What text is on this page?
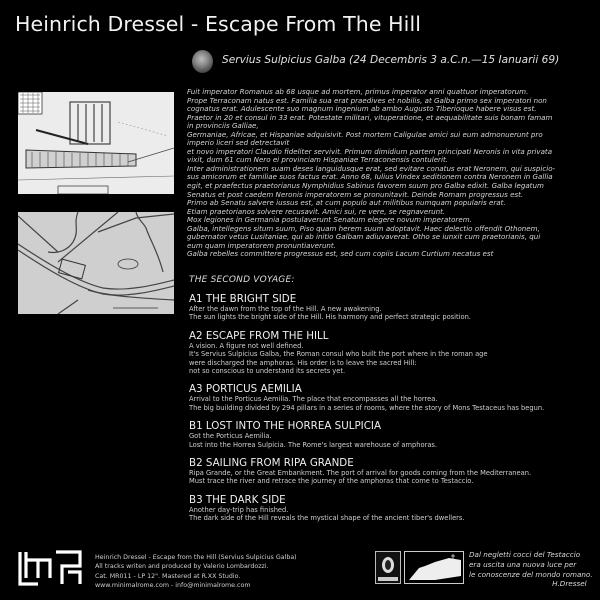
Heinrich Dressel - Escape From The Hill
Servius Sulpicius Galba (24 Decembris 3 a.C.n.—15 Ianuarii 69)
Fuit imperator Romanus ab 68 usque ad mortem, primus imperator anni quattuor imperatorum.
Prope Terraconam natus est. Familia sua erat praedives et nobilis, at Galba primo sex imperatori non
cognatus erat. Adulescente suo magnum ingenium ab ambo Augusto Tiberioque habere visus est.
Praetor in 20 et consul in 33 erat. Potestate militari, vituperatione, et aequabilitate suis bonam famam
in provinciis Galliae,
Germaniae, Africae, et Hispaniae adquisivit. Post mortem Caligulae amici sui eum admonuerunt pro
imperio liceri sed detrectavit
et novo imperatori Claudio fideliter servivit. Primum dimidium partem principati Neronis in vita privata
vixit, dum 61 cum Nero ei provinciam Hispaniae Terraconensis contulerit.
Inter administrationem suam deses languidusque erat, sed evitare conatus erat Neronem, qui suspicio-
sus amicorum et familiae suos factus erat. Anno 68, Iulius Vindex seditionem contra Neronem in Gallia
egit, et praefectus praetorianus Nymphidius Sabinus favorem suum pro Galba edixit. Galba legatum
Senatus et post caedem Neronis imperatorem se pronunitavit. Deinde Romam progressus est.
Primo ab Senatu salvere iussus est, at cum populo aut militibus numquam popularis erat.
Etiam praetorianos solvere recusavit. Amici sui, re vere, se regnaverunt.
Mox legiones in Germania postulaverunt Senatum elegere novum imperatorem.
Galba, intellegens situm suum, Piso quam herem suum adoptavit. Haec delectio offendit Othonem,
gubernator vetus Lusitaniae, qui ab initio Galbam adiuvaverat. Otho se iunxit cum praetorianis, qui
eum quam imperatorem pronuntiaverunt.
Galba rebelles committere progressus est, sed cum copiis Lacum Curtium necatus est
THE SECOND VOYAGE:
A1 THE BRIGHT SIDE
After the dawn from the top of the Hill. A new awakening.
The sun lights the bright side of the Hill. His harmony and perfect strategic position.
A2 ESCAPE FROM THE HILL
A vision. A figure not well defined.
It's Servius Sulpicius Galba, the Roman consul who built the port where in the roman age
were discharged the amphoras. His order is to leave the sacred Hill:
not so conscious to understand its secrets yet.
A3 PORTICUS AEMILIA
Arrival to the Porticus Aemilia. The place that encompasses all the horrea.
The big building divided by 294 pillars in a series of rooms, where the story of Mons Testaceus has begun.
B1 LOST INTO THE HORREA SULPICIA
Got the Porticus Aemilia.
Lost into the Horrea Sulpicia. The Rome's largest warehouse of amphoras.
B2 SAILING FROM RIPA GRANDE
Ripa Grande, or the Great Embankment. The port of arrival for goods coming from the Mediterranean.
Must trace the river and retrace the journey of the amphoras that come to Testaccio.
B3 THE DARK SIDE
Another day-trip has finished.
The dark side of the Hill reveals the mystical shape of the ancient tiber's dwellers.
Heinrich Dressel - Escape from the Hill (Servius Sulpicius Galba)
All tracks writen and produced by Valerio Lombardozzi.
Cat. MR011 - LP 12". Mastered at R.XX Studio.
www.minimalrome.com - info@minimalrome.com
Dal negletti cocci del Testaccio
era uscita una nuova luce per
le conoscenze del mondo romano.
H.Dressel
